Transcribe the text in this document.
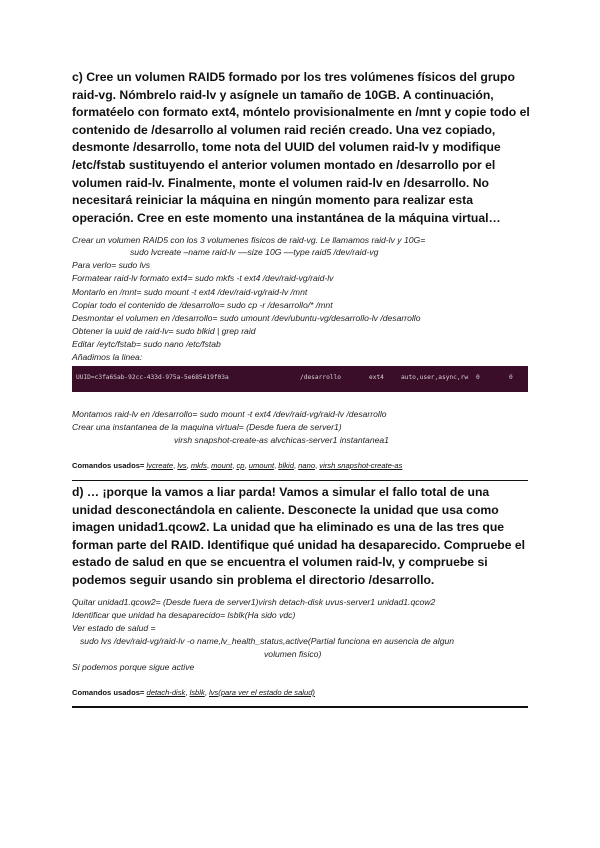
c) Cree un volumen RAID5 formado por los tres volúmenes físicos del grupo
raid-vg. Nómbrelo raid-lv y asígnele un tamaño de 10GB. A continuación,
formatéelo con formato ext4, móntelo provisionalmente en /mnt y copie todo el
contenido de /desarrollo al volumen raid recién creado. Una vez copiado,
desmonte /desarrollo, tome nota del UUID del volumen raid-lv y modifique
/etc/fstab sustituyendo el anterior volumen montado en /desarrollo por el
volumen raid-lv. Finalmente, monte el volumen raid-lv en /desarrollo. No
necesitará reiniciar la máquina en ningún momento para realizar esta
operación. Cree en este momento una instantánea de la máquina virtual…
Crear un volumen RAID5 con los 3 volumenes fisicos de raid-vg. Le llamamos raid-lv y 10G=
sudo lvcreate –name raid-lv ––size 10G ––type raid5 /dev/raid-vg
Para verlo= sudo lvs
Formatear raid-lv formato ext4= sudo mkfs -t ext4 /dev/raid-vg/raid-lv
Montarlo en /mnt= sudo mount -t ext4 /dev/raid-vg/raid-lv /mnt
Copiar todo el contenido de /desarrollo= sudo cp -r /desarrollo/* /mnt
Desmontar el volumen en /desarrollo= sudo umount /dev/ubuntu-vg/desarrollo-lv /desarrollo
Obtener la uuid de raid-lv= sudo blkid | grep raid
Editar /eytc/fstab= sudo nano /etc/fstab
Añadimos la linea:
UUID=c3fa6Sab-92cc-433d-975a-5e685419f03a	/desarrollo	ext4	auto,user,async,rw 0	0
Montamos raid-lv en /desarrollo= sudo mount -t ext4 /dev/raid-vg/raid-lv /desarrollo
Crear una instantanea de la maquina virtual= (Desde fuera de server1)
virsh snapshot-create-as alvchicas-server1 instantanea1
Comandos usados= lvcreate, lvs, mkfs, mount, cp, umount, blkid, nano, virsh snapshot-create-as
d) … ¡porque la vamos a liar parda! Vamos a simular el fallo total de una
unidad desconectándola en caliente. Desconecte la unidad que usa como
imagen unidad1.qcow2. La unidad que ha eliminado es una de las tres que
forman parte del RAID. Identifique qué unidad ha desaparecido. Compruebe el
estado de salud en que se encuentra el volumen raid-lv, y compruebe si
podemos seguir usando sin problema el directorio /desarrollo.
Quitar unidad1.qcow2= (Desde fuera de server1)virsh detach-disk uvus-server1 unidad1.qcow2
Identificar que unidad ha desaparecido= lsblk(Ha sido vdc)
Ver estado de salud =
sudo lvs /dev/raid-vg/raid-lv -o name,lv_health_status,active(Partial funciona en ausencia de algun
volumen fisico)
Si podemos porque sigue active
Comandos usados= detach-disk, lsblk, lvs(para ver el estado de salud)
